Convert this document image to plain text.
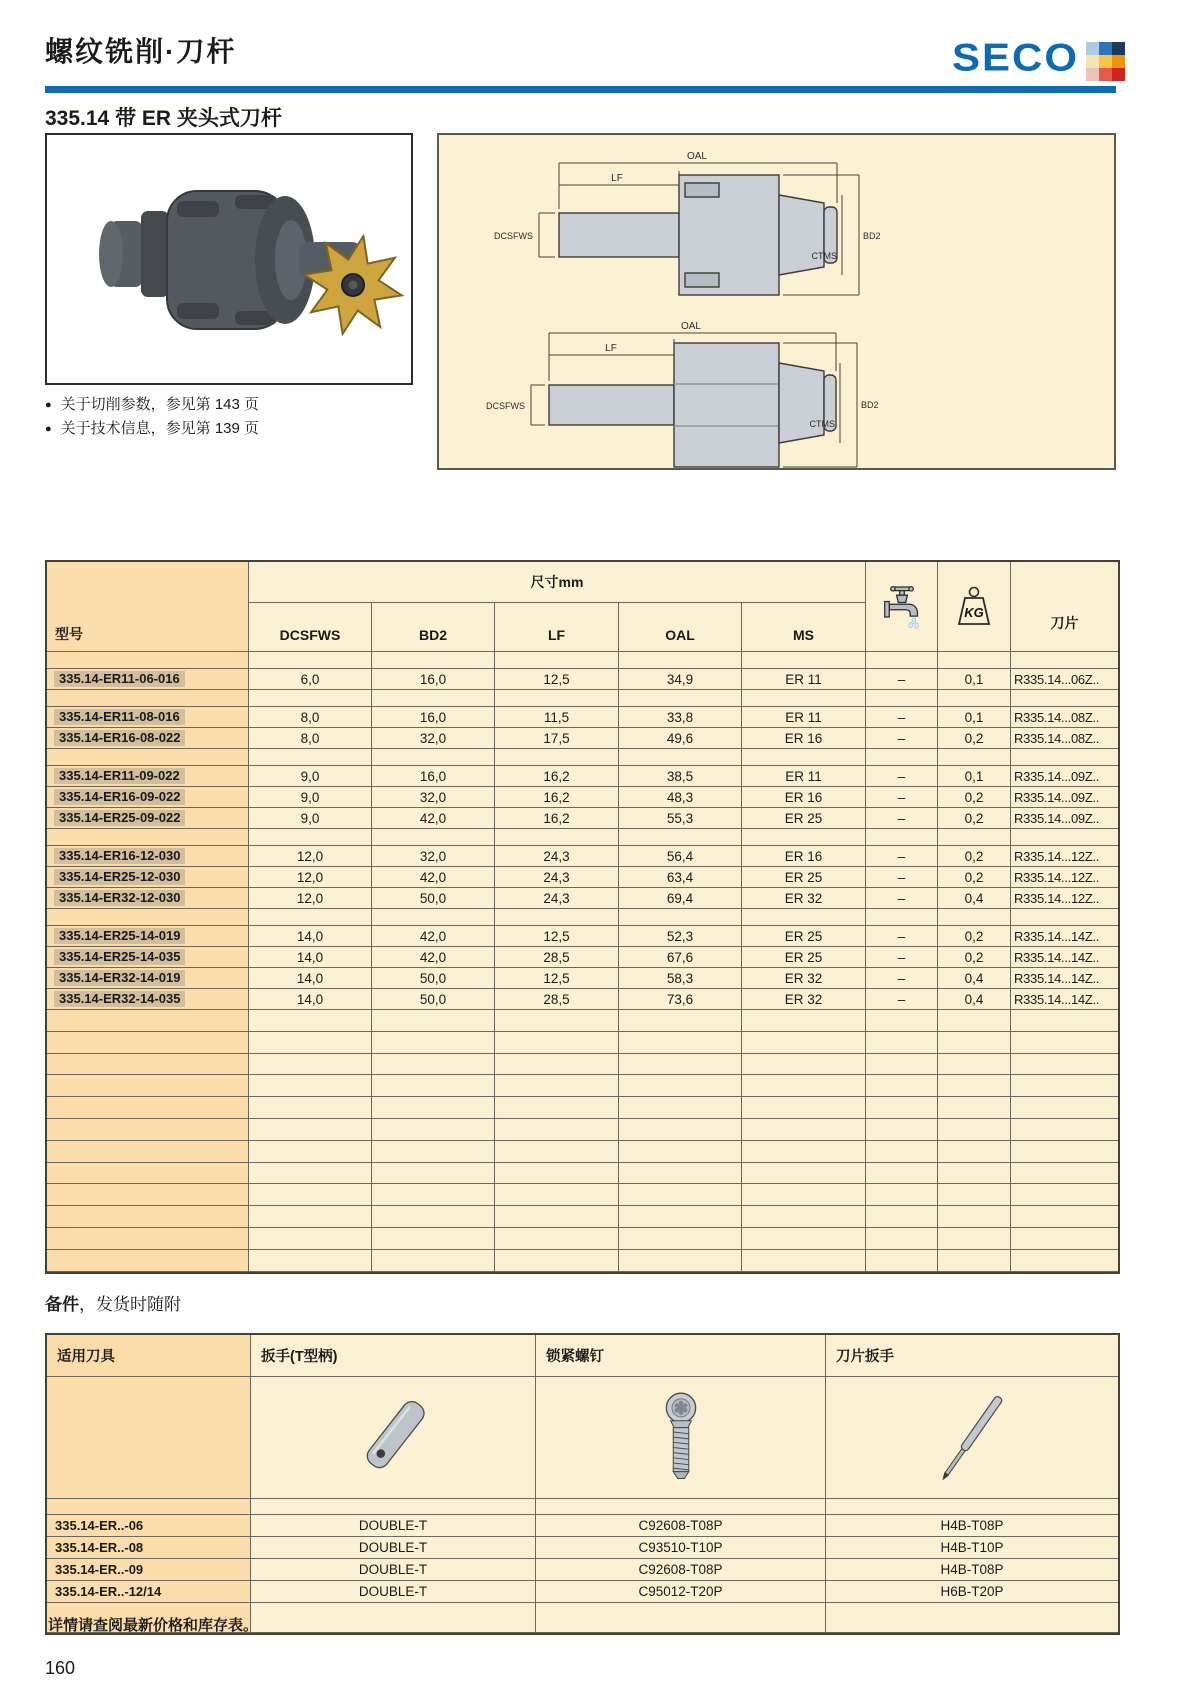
螺纹铣削·刀杆	SECO
335.14 带 ER 夹头式刀杆
● 关于切削参数，参见第 143 页
● 关于技术信息，参见第 139 页
OAL
LF
DCSFWS	BD2
CTMS
OAL
LF
DCSFWS	BD2
CTMS
型号
尺寸mm
DCSFWS	BD2	LF	OAL	MS
KG
刀片
335.14-ER11-06-016	6,0	16,0	12,5	34,9	ER 11	–	0,1	R335.14...06Z..
335.14-ER11-08-016	8,0	16,0	11,5	33,8	ER 11	–	0,1	R335.14...08Z..
335.14-ER16-08-022	8,0	32,0	17,5	49,6	ER 16	–	0,2	R335.14...08Z..
335.14-ER11-09-022	9,0	16,0	16,2	38,5	ER 11	–	0,1	R335.14...09Z..
335.14-ER16-09-022	9,0	32,0	16,2	48,3	ER 16	–	0,2	R335.14...09Z..
335.14-ER25-09-022	9,0	42,0	16,2	55,3	ER 25	–	0,2	R335.14...09Z..
335.14-ER16-12-030	12,0	32,0	24,3	56,4	ER 16	–	0,2	R335.14...12Z..
335.14-ER25-12-030	12,0	42,0	24,3	63,4	ER 25	–	0,2	R335.14...12Z..
335.14-ER32-12-030	12,0	50,0	24,3	69,4	ER 32	–	0,4	R335.14...12Z..
335.14-ER25-14-019	14,0	42,0	12,5	52,3	ER 25	–	0,2	R335.14...14Z..
335.14-ER25-14-035	14,0	42,0	28,5	67,6	ER 25	–	0,2	R335.14...14Z..
335.14-ER32-14-019	14,0	50,0	12,5	58,3	ER 32	–	0,4	R335.14...14Z..
335.14-ER32-14-035	14,0	50,0	28,5	73,6	ER 32	–	0,4	R335.14...14Z..
备件，发货时随附
适用刀具	扳手(T型柄)	锁紧螺钉	刀片扳手
335.14-ER..-06	DOUBLE-T	C92608-T08P	H4B-T08P
335.14-ER..-08	DOUBLE-T	C93510-T10P	H4B-T10P
335.14-ER..-09	DOUBLE-T	C92608-T08P	H4B-T08P
335.14-ER..-12/14	DOUBLE-T	C95012-T20P	H6B-T20P
详情请查阅最新价格和库存表。
160
